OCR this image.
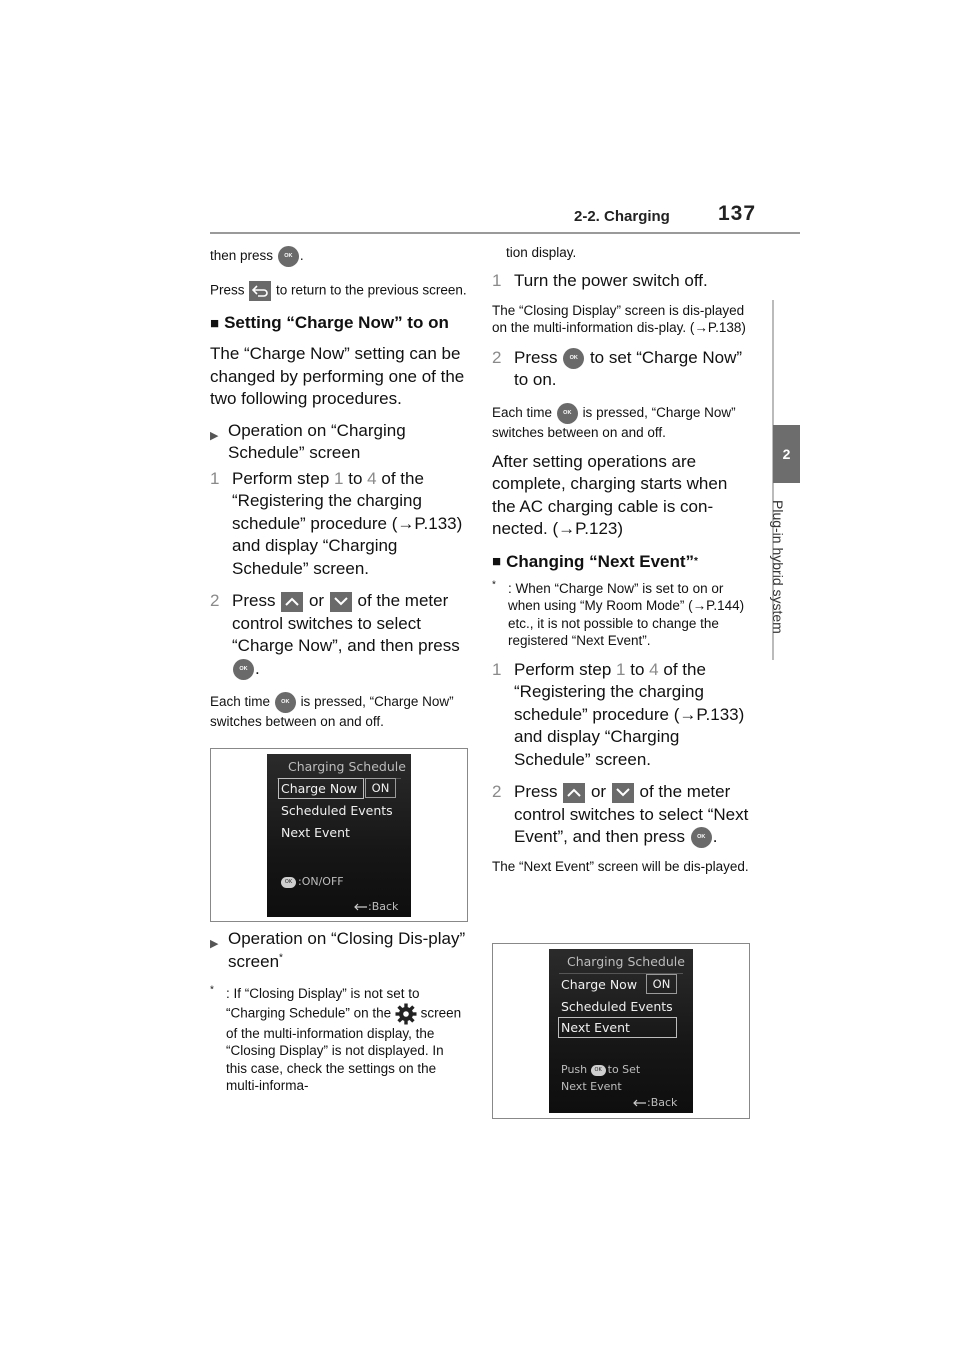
2-2. Charging 137
2
Plug-in hybrid system

then press OK .

Press to return to the previous screen.

■ Setting “Charge Now” to on

The “Charge Now” setting can be changed by performing one of the two following procedures.

▶ Operation on “Charging Schedule” screen
1 Perform step 1 to 4 of the “Registering the charging schedule” procedure (→P.133) and display “Charging Schedule” screen.
2 Press or of the meter control switches to select “Charge Now”, and then press OK .

Each time OK is pressed, “Charge Now” switches between on and off.

Charging Schedule
Charge Now	ON
Scheduled Events
Next Event
OK :ON/OFF
:Back
▶ Operation on “Closing Dis-play” screen*
* : If “Closing Display” is not set to “Charging Schedule” on the screen of the multi-information display, the “Closing Display” is not displayed. In this case, check the settings on the multi-informa-

tion display.

1 Turn the power switch off.

The “Closing Display” screen is dis-played on the multi-information dis-play. (→P.138)

2 Press OK to set “Charge Now” to on.

Each time OK is pressed, “Charge Now” switches between on and off.

After setting operations are complete, charging starts when the AC charging cable is con-nected. (→P.123)

■ Changing “Next Event” *

* : When “Charge Now” is set to on or when using “My Room Mode” (→P.144) etc., it is not possible to change the registered “Next Event”.
1 Perform step 1 to 4 of the “Registering the charging schedule” procedure (→P.133) and display “Charging Schedule” screen.
2 Press or of the meter control switches to select “Next Event”, and then press OK .

The “Next Event” screen will be dis-played.

Charging Schedule
Charge Now	ON
Scheduled Events
Next Event
Push OK to Set
Next Event
:Back
